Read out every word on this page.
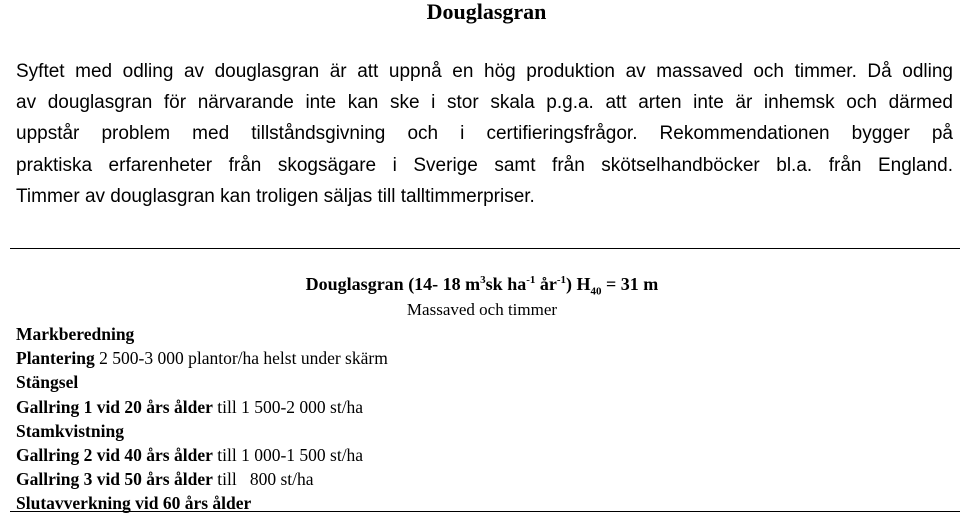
Douglasgran

Syftet med odling av douglasgran är att uppnå en hög produktion av massaved och timmer. Då odling
av douglasgran för närvarande inte kan ske i stor skala p.g.a. att arten inte är inhemsk och därmed
uppstår problem med tillståndsgivning och i certifieringsfrågor. Rekommendationen bygger på
praktiska erfarenheter från skogsägare i Sverige samt från skötselhandböcker bl.a. från England.
Timmer av douglasgran kan troligen säljas till talltimmerpriser.

Douglasgran (14- 18 $m^3sk$ $ha^{-1}$ $år^{-1}$) $H_{40} = 31$ m
Massaved och timmer
Markberedning
Plantering 2 500-3 000 plantor/ha helst under skärm
Stängsel
Gallring 1 vid 20 års ålder till 1 500-2 000 st/ha
Stamkvistning
Gallring 2 vid 40 års ålder till 1 000-1 500 st/ha
Gallring 3 vid 50 års ålder till   800 st/ha
Slutavverkning vid 60 års ålder
